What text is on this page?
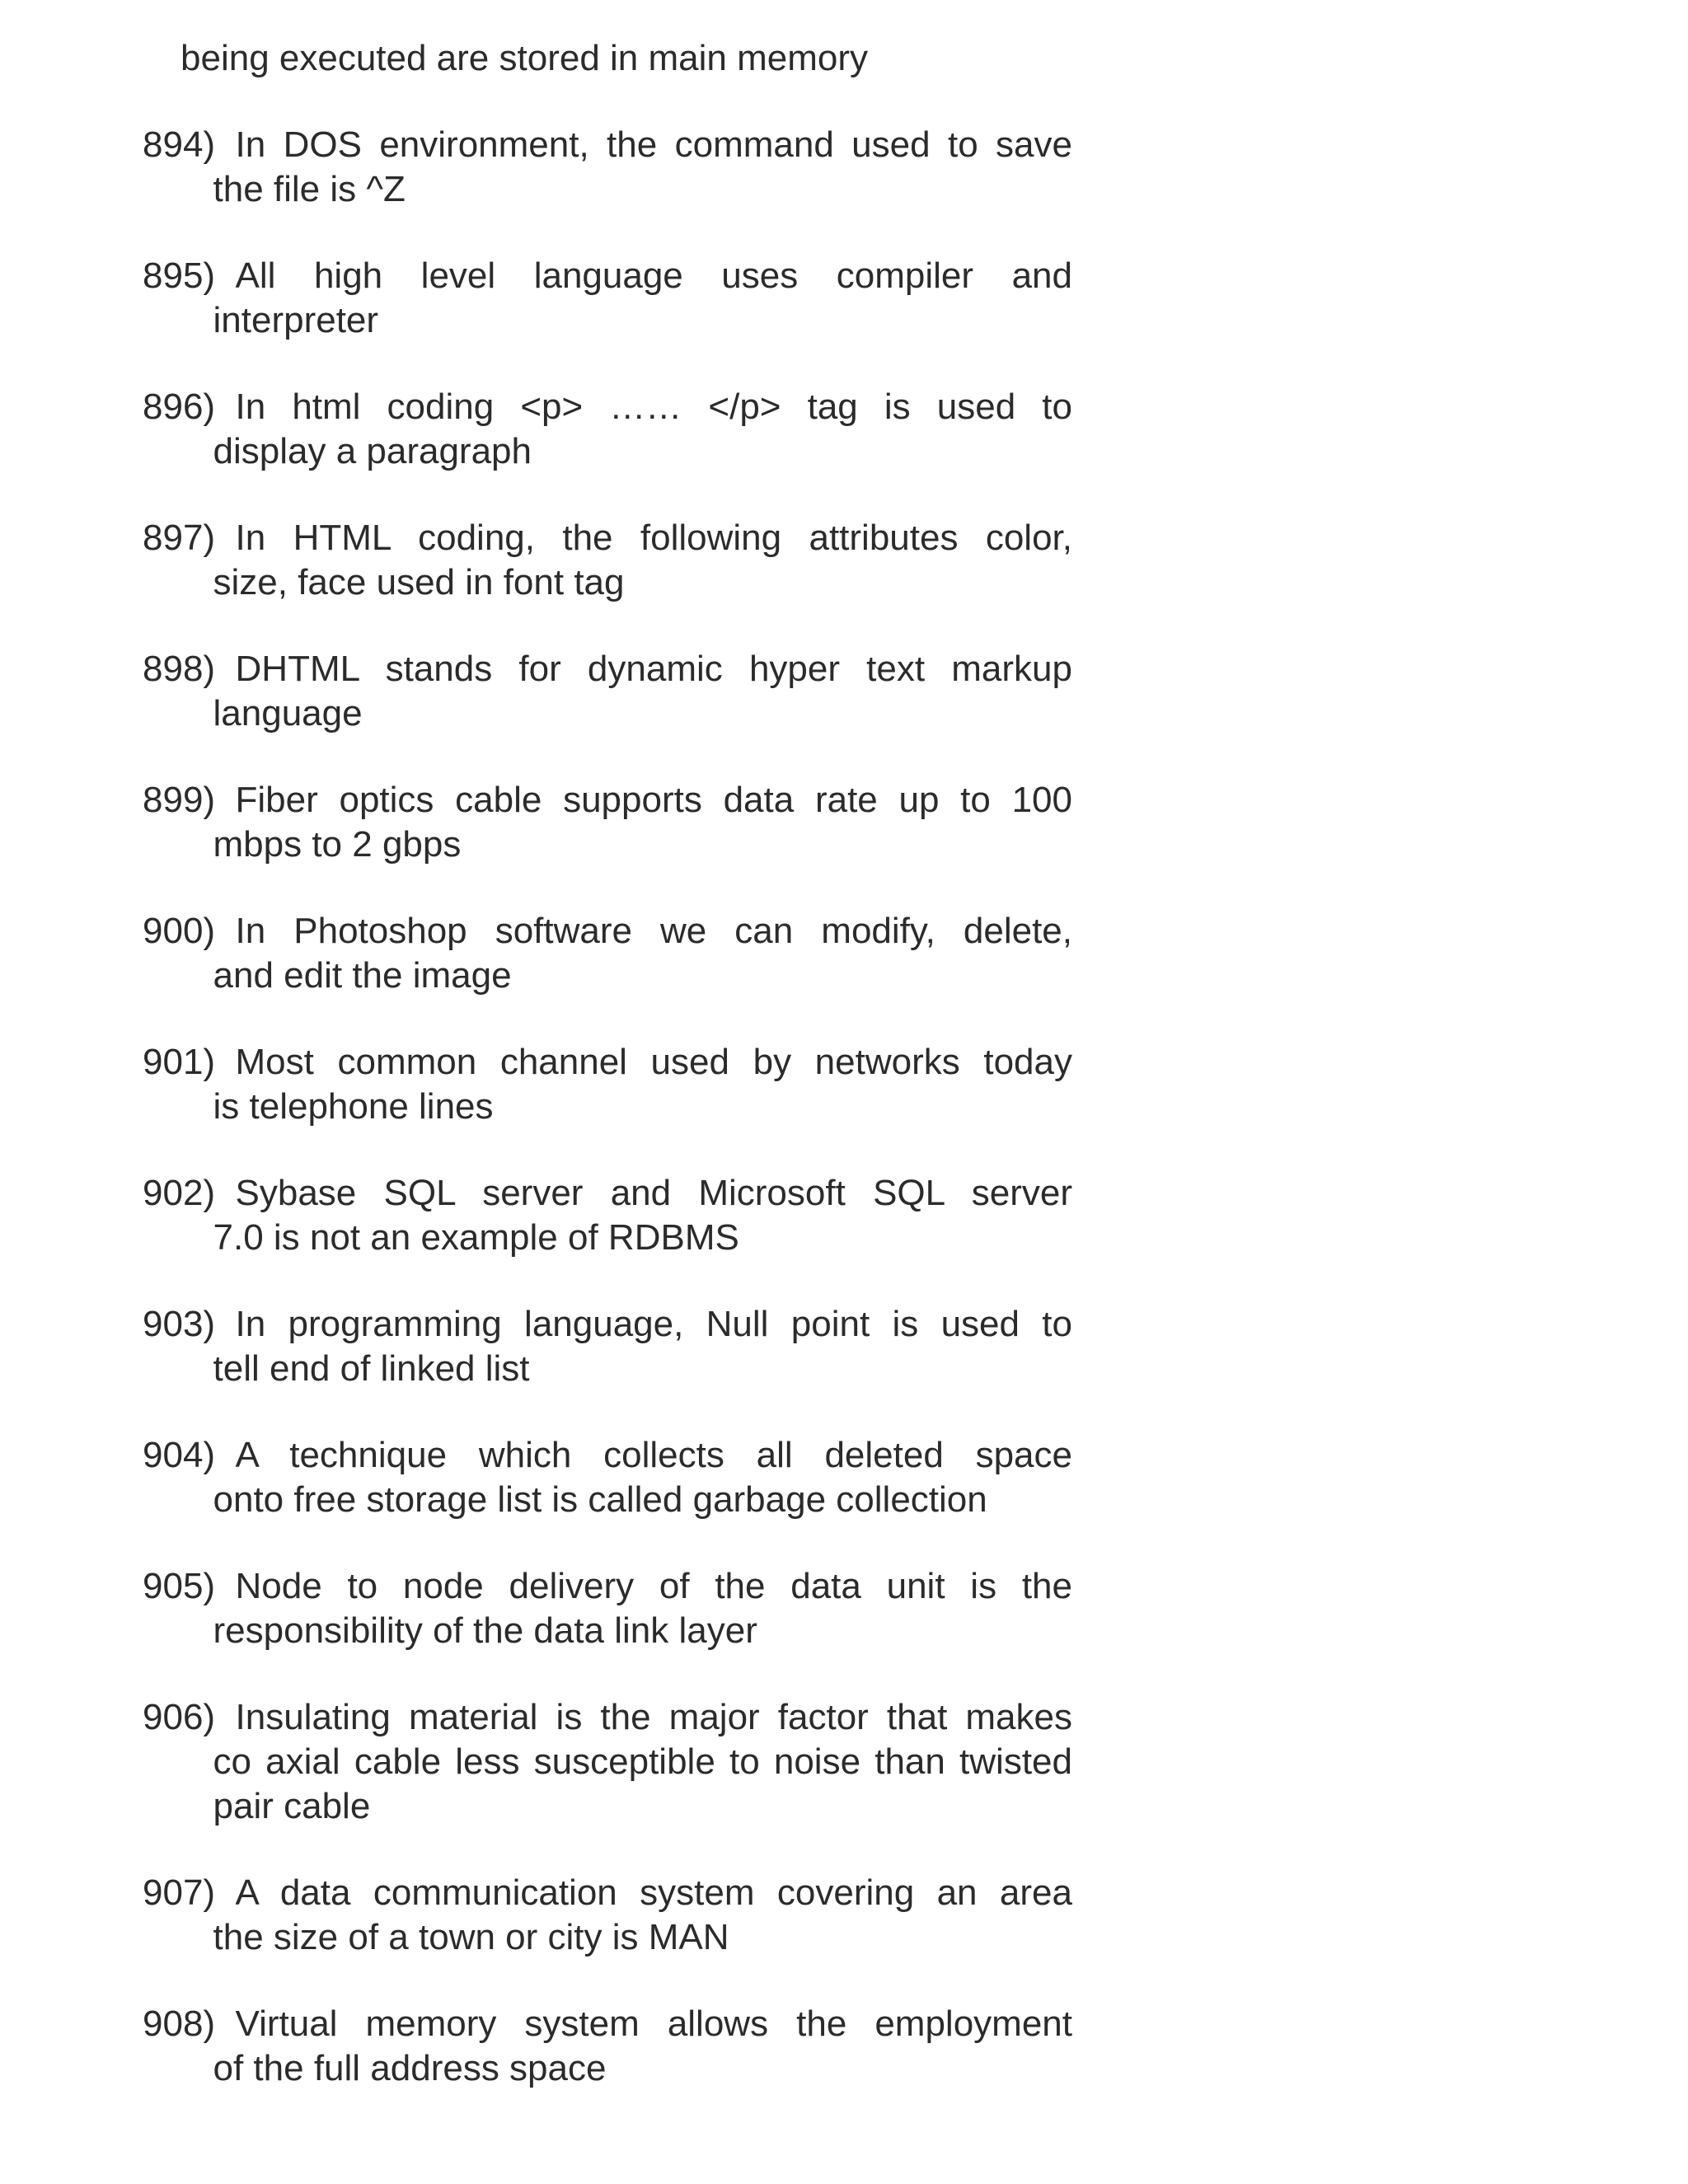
being executed are stored in main memory
894) In DOS environment, the command used to save
the file is ^Z
895) All high level language uses compiler and
interpreter
896) In html coding <p> …… </p> tag is used to
display a paragraph
897) In HTML coding, the following attributes color,
size, face used in font tag
898) DHTML stands for dynamic hyper text markup
language
899) Fiber optics cable supports data rate up to 100
mbps to 2 gbps
900) In Photoshop software we can modify, delete,
and edit the image
901) Most common channel used by networks today
is telephone lines
902) Sybase SQL server and Microsoft SQL server
7.0 is not an example of RDBMS
903) In programming language, Null point is used to
tell end of linked list
904) A technique which collects all deleted space
onto free storage list is called garbage collection
905) Node to node delivery of the data unit is the
responsibility of the data link layer
906) Insulating material is the major factor that makes
co axial cable less susceptible to noise than twisted
pair cable
907) A data communication system covering an area
the size of a town or city is MAN
908) Virtual memory system allows the employment
of the full address space
